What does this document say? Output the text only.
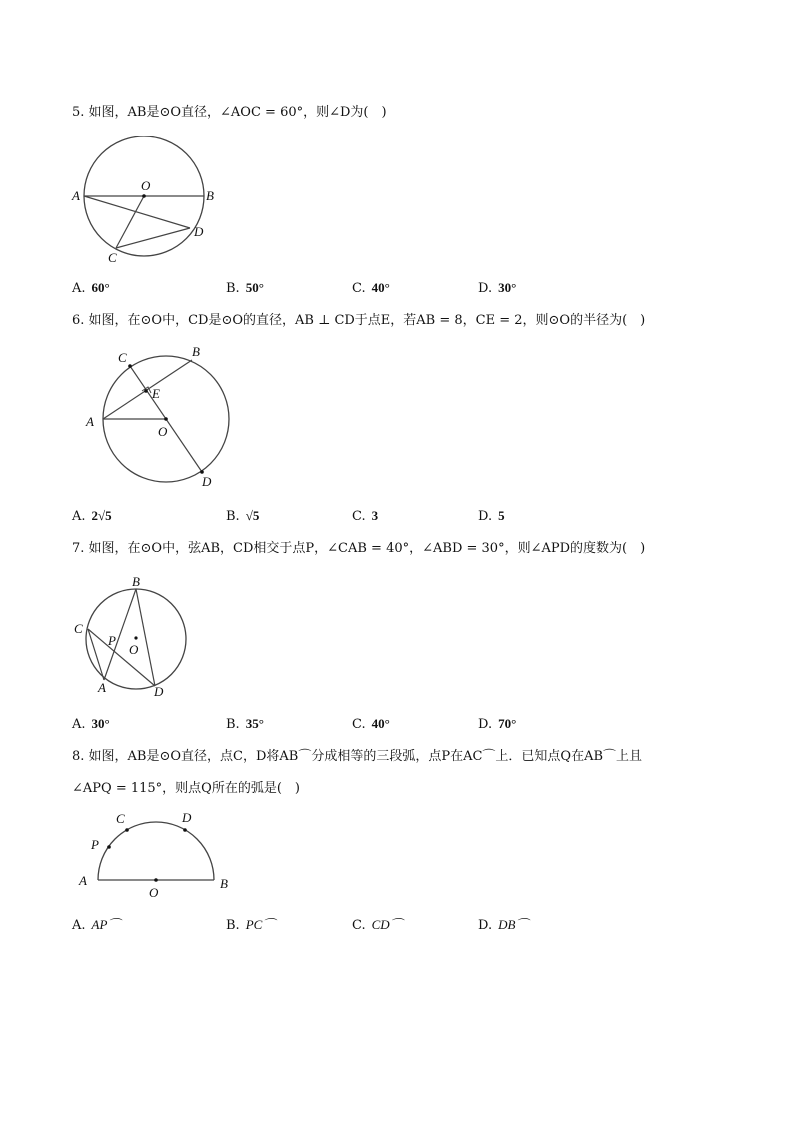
5. 如图，AB是⊙O直径，∠AOC = 60°，则∠D为(　)
A	B
O
D
C
A. 60°	B. 50°	C. 40°	D. 30°
6. 如图，在⊙O中，CD是⊙O的直径，AB ⊥ CD于点E，若AB = 8，CE = 2，则⊙O的半径为(　)
C	B
E
A
O
D
A. 2√5	B. √5	C. 3	D. 5
7. 如图，在⊙O中，弦AB，CD相交于点P，∠CAB = 40°，∠ABD = 30°，则∠APD的度数为(　)
B
C
P
O
A	D
A. 30°	B. 35°	C. 40°	D. 70°
8. 如图，AB是⊙O直径，点C，D将AB⌒分成相等的三段弧，点P在AC⌒上．已知点Q在AB⌒上且
∠APQ = 115°，则点Q所在的弧是(　)
C	D
P
A	B
O
A. AP⌒	B. PC⌒	C. CD⌒	D. DB⌒
